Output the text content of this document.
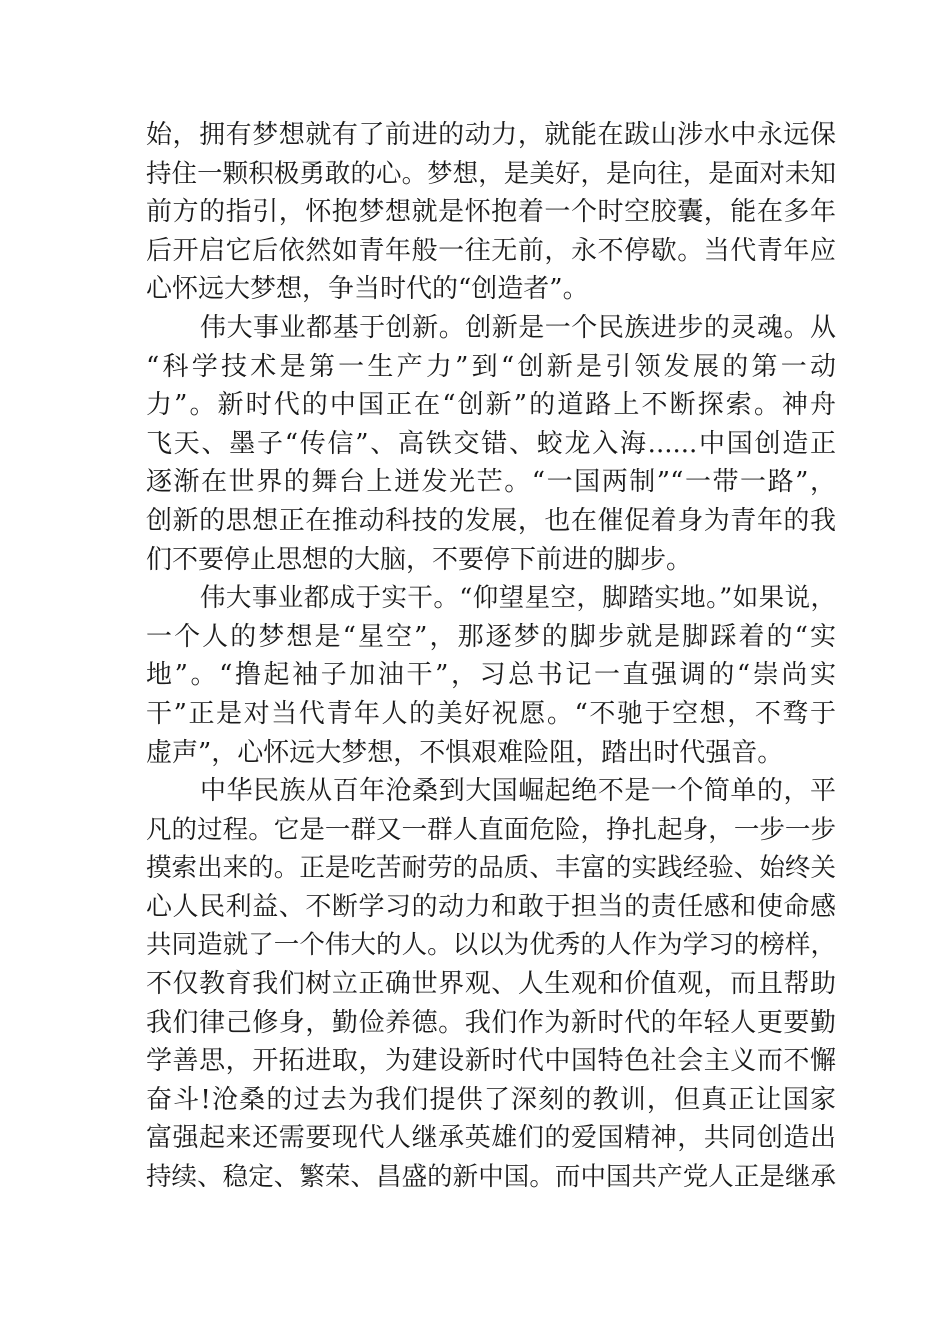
始，拥有梦想就有了前进的动力，就能在跋山涉水中永远保
持住一颗积极勇敢的心。梦想，是美好，是向往，是面对未知
前方的指引，怀抱梦想就是怀抱着一个时空胶囊，能在多年
后开启它后依然如青年般一往无前，永不停歇。当代青年应
心怀远大梦想，争当时代的“创造者”。
伟大事业都基于创新。创新是一个民族进步的灵魂。从
“科学技术是第一生产力”到“创新是引领发展的第一动
力”。新时代的中国正在“创新”的道路上不断探索。神舟
飞天、墨子“传信”、高铁交错、蛟龙入海......中国创造正
逐渐在世界的舞台上迸发光芒。“一国两制”“一带一路”，
创新的思想正在推动科技的发展，也在催促着身为青年的我
们不要停止思想的大脑，不要停下前进的脚步。
伟大事业都成于实干。“仰望星空，脚踏实地。”如果说，
一个人的梦想是“星空”，那逐梦的脚步就是脚踩着的“实
地”。“撸起袖子加油干”，习总书记一直强调的“崇尚实
干”正是对当代青年人的美好祝愿。“不驰于空想，不骛于
虚声”，心怀远大梦想，不惧艰难险阻，踏出时代强音。
中华民族从百年沧桑到大国崛起绝不是一个简单的，平
凡的过程。它是一群又一群人直面危险，挣扎起身，一步一步
摸索出来的。正是吃苦耐劳的品质、丰富的实践经验、始终关
心人民利益、不断学习的动力和敢于担当的责任感和使命感
共同造就了一个伟大的人。以以为优秀的人作为学习的榜样，
不仅教育我们树立正确世界观、人生观和价值观，而且帮助
我们律己修身，勤俭养德。我们作为新时代的年轻人更要勤
学善思，开拓进取，为建设新时代中国特色社会主义而不懈
奋斗!沧桑的过去为我们提供了深刻的教训，但真正让国家
富强起来还需要现代人继承英雄们的爱国精神，共同创造出
持续、稳定、繁荣、昌盛的新中国。而中国共产党人正是继承
